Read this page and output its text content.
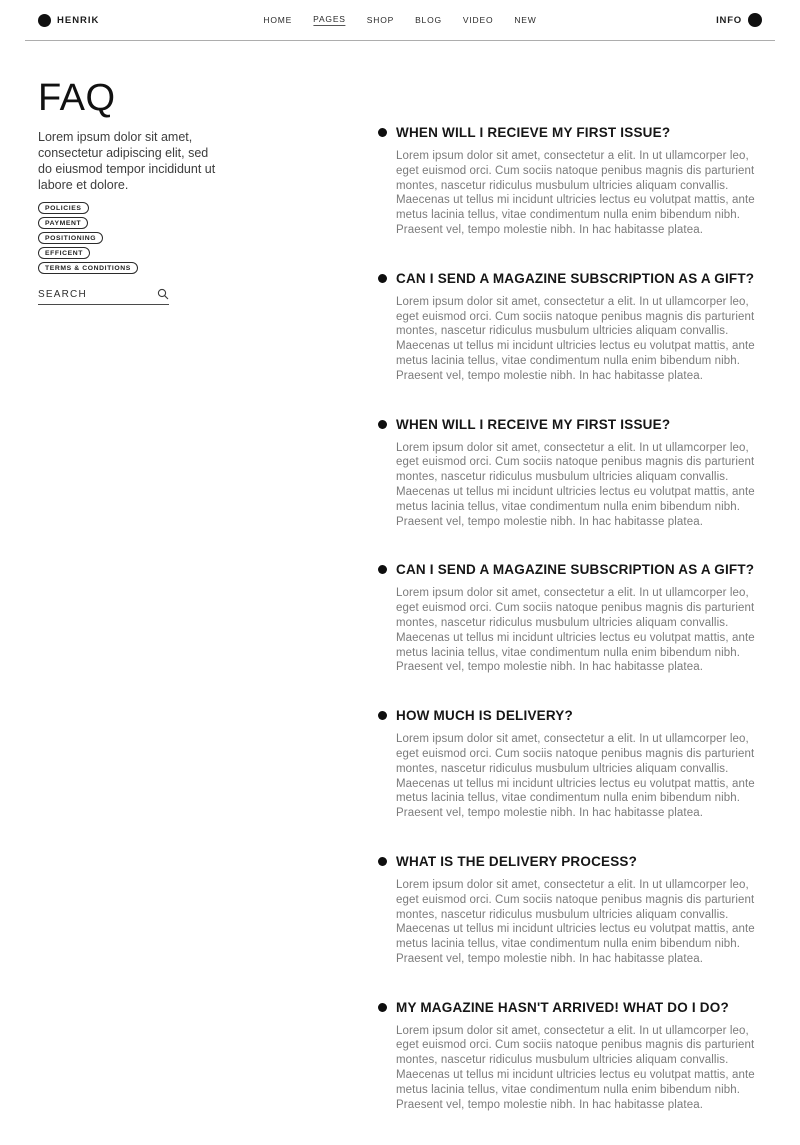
HENRIK	HOME PAGES SHOP BLOG VIDEO NEW	INFO
FAQ

Lorem ipsum dolor sit amet, consectetur adipiscing elit, sed do eiusmod tempor incididunt ut labore et dolore.

POLICIES
PAYMENT
POSITIONING
EFFICENT
TERMS & CONDITIONS
SEARCH
WHEN WILL I RECIEVE MY FIRST ISSUE?

Lorem ipsum dolor sit amet, consectetur a elit. In ut ullamcorper leo, eget euismod orci. Cum sociis natoque penibus magnis dis parturient montes, nascetur ridiculus musbulum ultricies aliquam convallis. Maecenas ut tellus mi incidunt ultricies lectus eu volutpat mattis, ante metus lacinia tellus, vitae condimentum nulla enim bibendum nibh. Praesent vel, tempo molestie nibh. In hac habitasse platea.

CAN I SEND A MAGAZINE SUBSCRIPTION AS A GIFT?

Lorem ipsum dolor sit amet, consectetur a elit. In ut ullamcorper leo, eget euismod orci. Cum sociis natoque penibus magnis dis parturient montes, nascetur ridiculus musbulum ultricies aliquam convallis. Maecenas ut tellus mi incidunt ultricies lectus eu volutpat mattis, ante metus lacinia tellus, vitae condimentum nulla enim bibendum nibh. Praesent vel, tempo molestie nibh. In hac habitasse platea.

WHEN WILL I RECEIVE MY FIRST ISSUE?

Lorem ipsum dolor sit amet, consectetur a elit. In ut ullamcorper leo, eget euismod orci. Cum sociis natoque penibus magnis dis parturient montes, nascetur ridiculus musbulum ultricies aliquam convallis. Maecenas ut tellus mi incidunt ultricies lectus eu volutpat mattis, ante metus lacinia tellus, vitae condimentum nulla enim bibendum nibh. Praesent vel, tempo molestie nibh. In hac habitasse platea.

CAN I SEND A MAGAZINE SUBSCRIPTION AS A GIFT?

Lorem ipsum dolor sit amet, consectetur a elit. In ut ullamcorper leo, eget euismod orci. Cum sociis natoque penibus magnis dis parturient montes, nascetur ridiculus musbulum ultricies aliquam convallis. Maecenas ut tellus mi incidunt ultricies lectus eu volutpat mattis, ante metus lacinia tellus, vitae condimentum nulla enim bibendum nibh. Praesent vel, tempo molestie nibh. In hac habitasse platea.

HOW MUCH IS DELIVERY?

Lorem ipsum dolor sit amet, consectetur a elit. In ut ullamcorper leo, eget euismod orci. Cum sociis natoque penibus magnis dis parturient montes, nascetur ridiculus musbulum ultricies aliquam convallis. Maecenas ut tellus mi incidunt ultricies lectus eu volutpat mattis, ante metus lacinia tellus, vitae condimentum nulla enim bibendum nibh. Praesent vel, tempo molestie nibh. In hac habitasse platea.

WHAT IS THE DELIVERY PROCESS?

Lorem ipsum dolor sit amet, consectetur a elit. In ut ullamcorper leo, eget euismod orci. Cum sociis natoque penibus magnis dis parturient montes, nascetur ridiculus musbulum ultricies aliquam convallis. Maecenas ut tellus mi incidunt ultricies lectus eu volutpat mattis, ante metus lacinia tellus, vitae condimentum nulla enim bibendum nibh. Praesent vel, tempo molestie nibh. In hac habitasse platea.

MY MAGAZINE HASN'T ARRIVED! WHAT DO I DO?

Lorem ipsum dolor sit amet, consectetur a elit. In ut ullamcorper leo, eget euismod orci. Cum sociis natoque penibus magnis dis parturient montes, nascetur ridiculus musbulum ultricies aliquam convallis. Maecenas ut tellus mi incidunt ultricies lectus eu volutpat mattis, ante metus lacinia tellus, vitae condimentum nulla enim bibendum nibh. Praesent vel, tempo molestie nibh. In hac habitasse platea.
